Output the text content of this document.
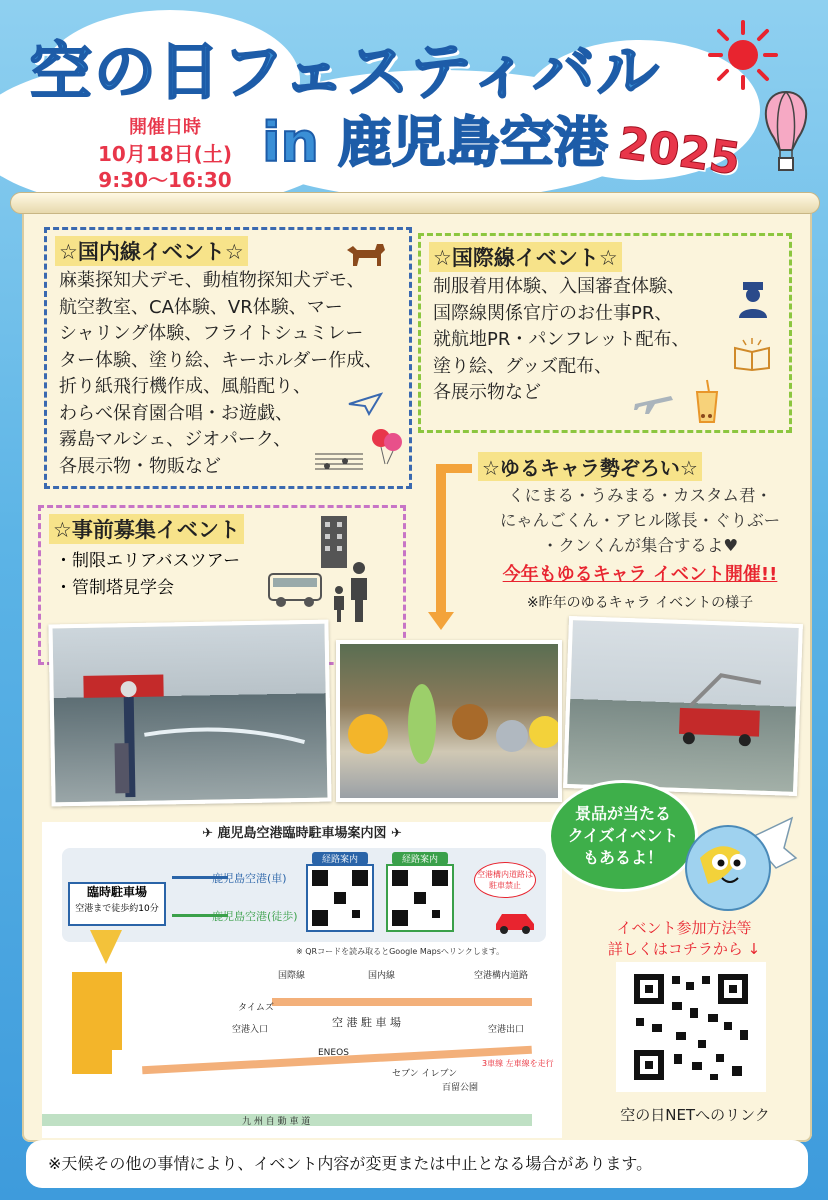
空の日フェスティバル
in 鹿児島空港 2025
開催日時
10月18日(土)
9:30～16:30
☆国内線イベント☆
麻薬探知犬デモ、動植物探知犬デモ、
航空教室、CA体験、VR体験、マー
シャリング体験、フライトシュミレー
ター体験、塗り絵、キーホルダー作成、
折り紙飛行機作成、風船配り、
わらべ保育園合唱・お遊戯、
霧島マルシェ、ジオパーク、
各展示物・物販など
☆国際線イベント☆
制服着用体験、入国審査体験、
国際線関係官庁のお仕事PR、
就航地PR・パンフレット配布、
塗り絵、グッズ配布、
各展示物など
☆事前募集イベント
・制限エリアバスツアー
・管制塔見学会
☆ゆるキャラ勢ぞろい☆
くにまる・うみまる・カスタム君・
にゃんごくん・アヒル隊長・ぐりぶー
・クンくんが集合するよ♥
今年もゆるキャラ イベント開催!!
※昨年のゆるキャラ イベントの様子
✈ 鹿児島空港臨時駐車場案内図 ✈
鹿児島空港(車)
鹿児島空港(徒歩)
経路案内	経路案内
空港構内道路は駐車禁止
※ QRコードを読み取るとGoogle Mapsへリンクします。
臨時駐車場
空港まで徒歩約10分
国際線	国内線	空港構内道路
空 港 駐 車 場
空港入口	空港出口
タイムズ
ENEOS
セブン イレブン
百留公園
3車線 左車線を走行
九 州 自 動 車 道
景品が当たる
クイズイベント
もあるよ！
イベント参加方法等
詳しくはコチラから ↓
空の日NETへのリンク
※天候その他の事情により、イベント内容が変更または中止となる場合があります。
